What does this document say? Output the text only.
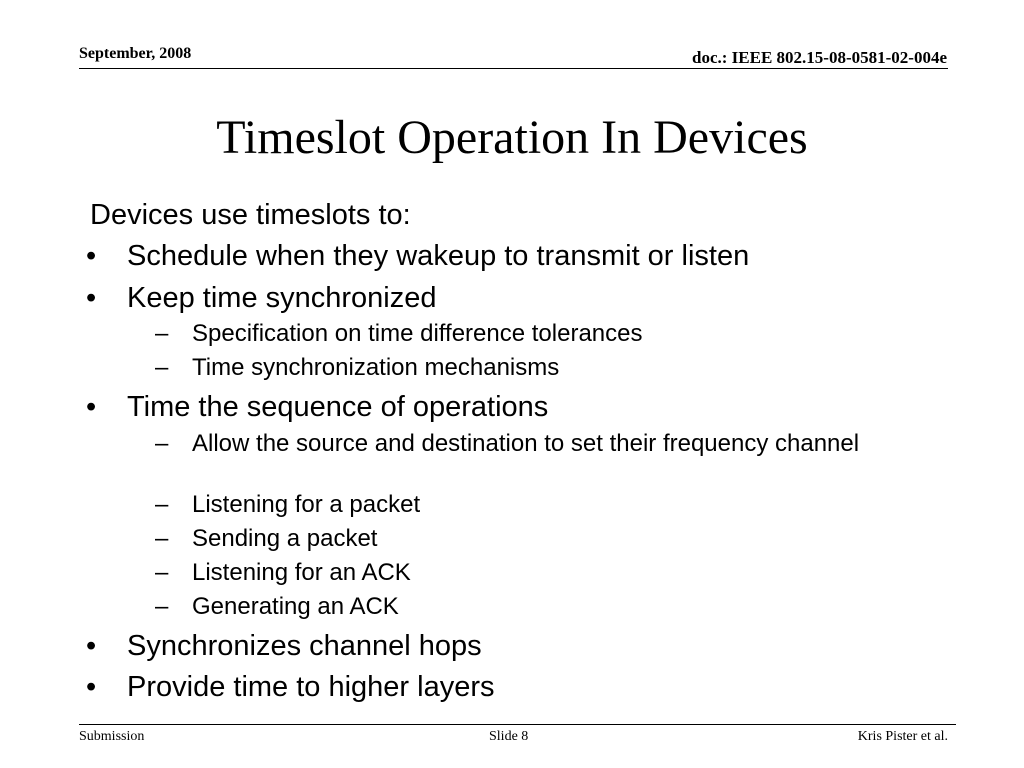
September, 2008	doc.: IEEE 802.15-08-0581-02-004e
Timeslot Operation In Devices
Devices use timeslots to:
•	Schedule when they wakeup to transmit or listen
•	Keep time synchronized
– Specification on time difference tolerances
– Time synchronization mechanisms
•	Time the sequence of operations
– Allow the source and destination to set their frequency channel
– Listening for a packet
– Sending a packet
– Listening for an ACK
– Generating an ACK
•	Synchronizes channel hops
•	Provide time to higher layers
Submission	Slide 8	Kris Pister et al.
